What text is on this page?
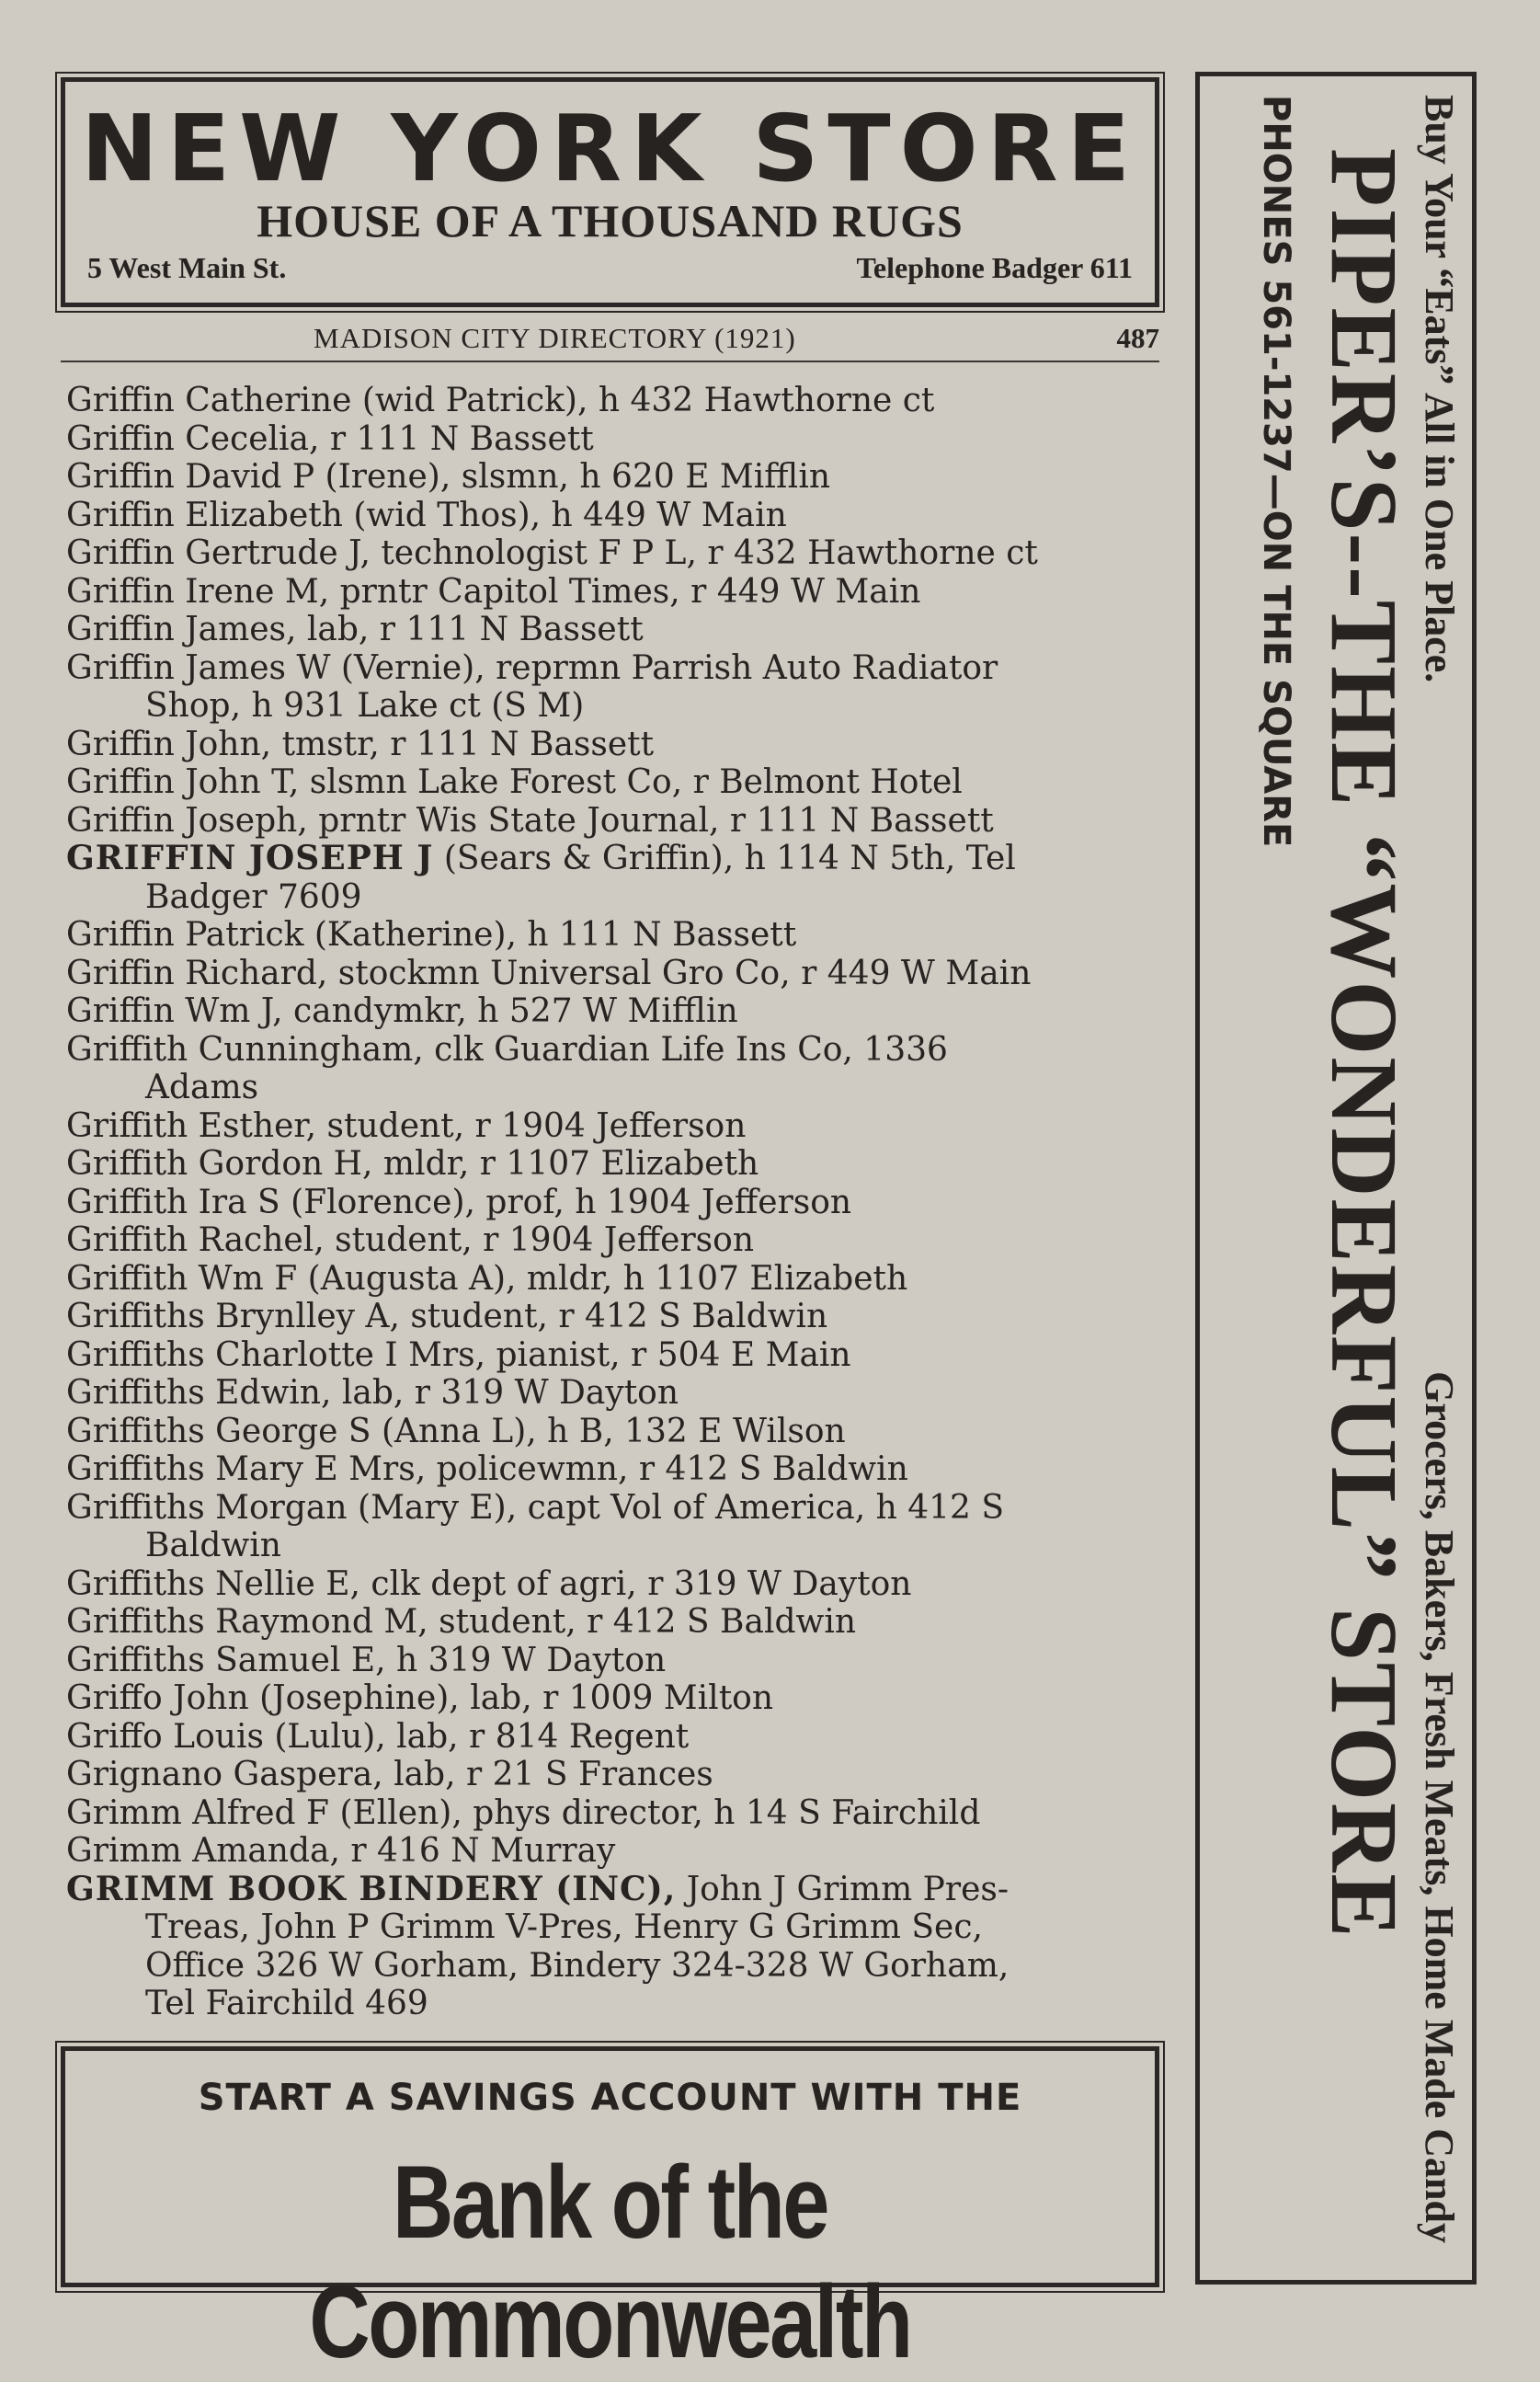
NEW YORK STORE
HOUSE OF A THOUSAND RUGS
5 West Main St.	Telephone Badger 611
MADISON CITY DIRECTORY (1921)	487
Griffin Catherine (wid Patrick), h 432 Hawthorne ct
Griffin Cecelia, r 111 N Bassett
Griffin David P (Irene), slsmn, h 620 E Mifflin
Griffin Elizabeth (wid Thos), h 449 W Main
Griffin Gertrude J, technologist F P L, r 432 Hawthorne ct
Griffin Irene M, prntr Capitol Times, r 449 W Main
Griffin James, lab, r 111 N Bassett
Griffin James W (Vernie), reprmn Parrish Auto Radiator
Shop, h 931 Lake ct (S M)
Griffin John, tmstr, r 111 N Bassett
Griffin John T, slsmn Lake Forest Co, r Belmont Hotel
Griffin Joseph, prntr Wis State Journal, r 111 N Bassett
GRIFFIN JOSEPH J (Sears & Griffin), h 114 N 5th, Tel
Badger 7609
Griffin Patrick (Katherine), h 111 N Bassett
Griffin Richard, stockmn Universal Gro Co, r 449 W Main
Griffin Wm J, candymkr, h 527 W Mifflin
Griffith Cunningham, clk Guardian Life Ins Co, 1336
Adams
Griffith Esther, student, r 1904 Jefferson
Griffith Gordon H, mldr, r 1107 Elizabeth
Griffith Ira S (Florence), prof, h 1904 Jefferson
Griffith Rachel, student, r 1904 Jefferson
Griffith Wm F (Augusta A), mldr, h 1107 Elizabeth
Griffiths Brynlley A, student, r 412 S Baldwin
Griffiths Charlotte I Mrs, pianist, r 504 E Main
Griffiths Edwin, lab, r 319 W Dayton
Griffiths George S (Anna L), h B, 132 E Wilson
Griffiths Mary E Mrs, policewmn, r 412 S Baldwin
Griffiths Morgan (Mary E), capt Vol of America, h 412 S
Baldwin
Griffiths Nellie E, clk dept of agri, r 319 W Dayton
Griffiths Raymond M, student, r 412 S Baldwin
Griffiths Samuel E, h 319 W Dayton
Griffo John (Josephine), lab, r 1009 Milton
Griffo Louis (Lulu), lab, r 814 Regent
Grignano Gaspera, lab, r 21 S Frances
Grimm Alfred F (Ellen), phys director, h 14 S Fairchild
Grimm Amanda, r 416 N Murray
GRIMM BOOK BINDERY (INC), John J Grimm Pres-
Treas, John P Grimm V-Pres, Henry G Grimm Sec,
Office 326 W Gorham, Bindery 324-328 W Gorham,
Tel Fairchild 469
START A SAVINGS ACCOUNT WITH THE
Bank of the Commonwealth
Buy Your “Eats” All in One Place.
Grocers, Bakers, Fresh Meats, Home Made Candy
PIPER’S--THE “WONDERFUL” STORE
PHONES 561-1237—ON THE SQUARE
